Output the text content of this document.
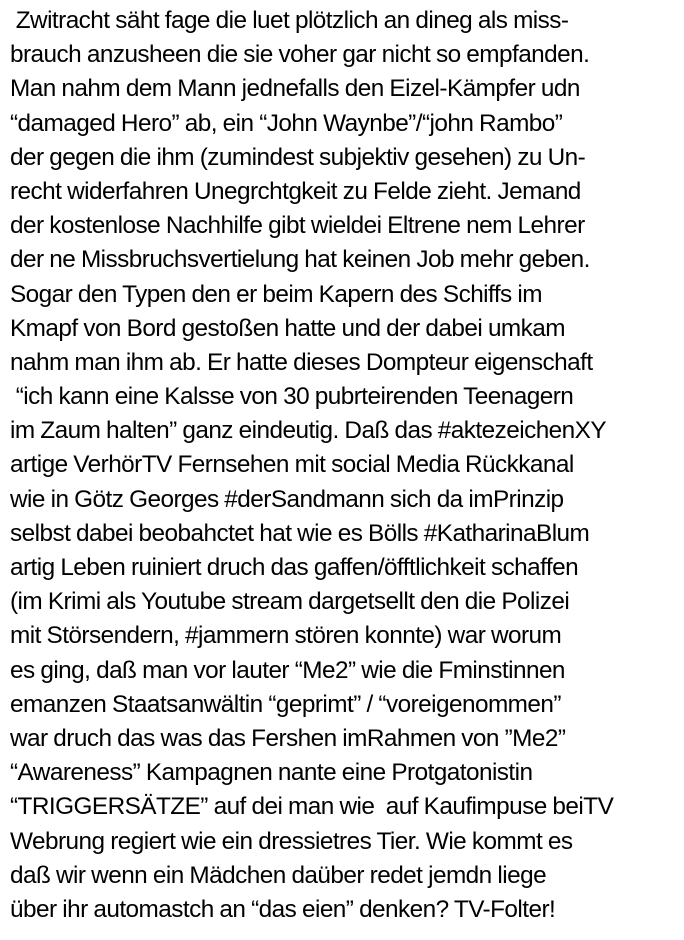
Zwitracht säht fage die luet plötzlich an dineg als miss-
brauch anzusheen die sie voher gar nicht so empfanden.
Man nahm dem Mann jednefalls den Eizel-Kämpfer udn
“damaged Hero” ab, ein “John Waynbe”/“john Rambo”
der gegen die ihm (zumindest subjektiv gesehen) zu Un-
recht widerfahren Unegrchtgkeit zu Felde zieht. Jemand
der kostenlose Nachhilfe gibt wieldei Eltrene nem Lehrer
der ne Missbruchsvertielung hat keinen Job mehr geben.
Sogar den Typen den er beim Kapern des Schiffs im
Kmapf von Bord gestoßen hatte und der dabei umkam
nahm man ihm ab. Er hatte dieses Dompteur eigenschaft
“ich kann eine Kalsse von 30 pubrteirenden Teenagern
im Zaum halten” ganz eindeutig. Daß das #aktezeichenXY
artige VerhörTV Fernsehen mit social Media Rückkanal
wie in Götz Georges #derSandmann sich da imPrinzip
selbst dabei beobahctet hat wie es Bölls #KatharinaBlum
artig Leben ruiniert druch das gaffen/öfftlichkeit schaffen
(im Krimi als Youtube stream dargetsellt den die Polizei
mit Störsendern, #jammern stören konnte) war worum
es ging, daß man vor lauter “Me2” wie die Fminstinnen
emanzen Staatsanwältin “geprimt” / “voreigenommen”
war druch das was das Fershen imRahmen von ”Me2”
“Awareness” Kampagnen nante eine Protgatonistin
“TRIGGERSÄTZE” auf dei man wie  auf Kaufimpuse beiTV
Webrung regiert wie ein dressietres Tier. Wie kommt es
daß wir wenn ein Mädchen daüber redet jemdn liege
über ihr automastch an “das eien” denken? TV-Folter!
